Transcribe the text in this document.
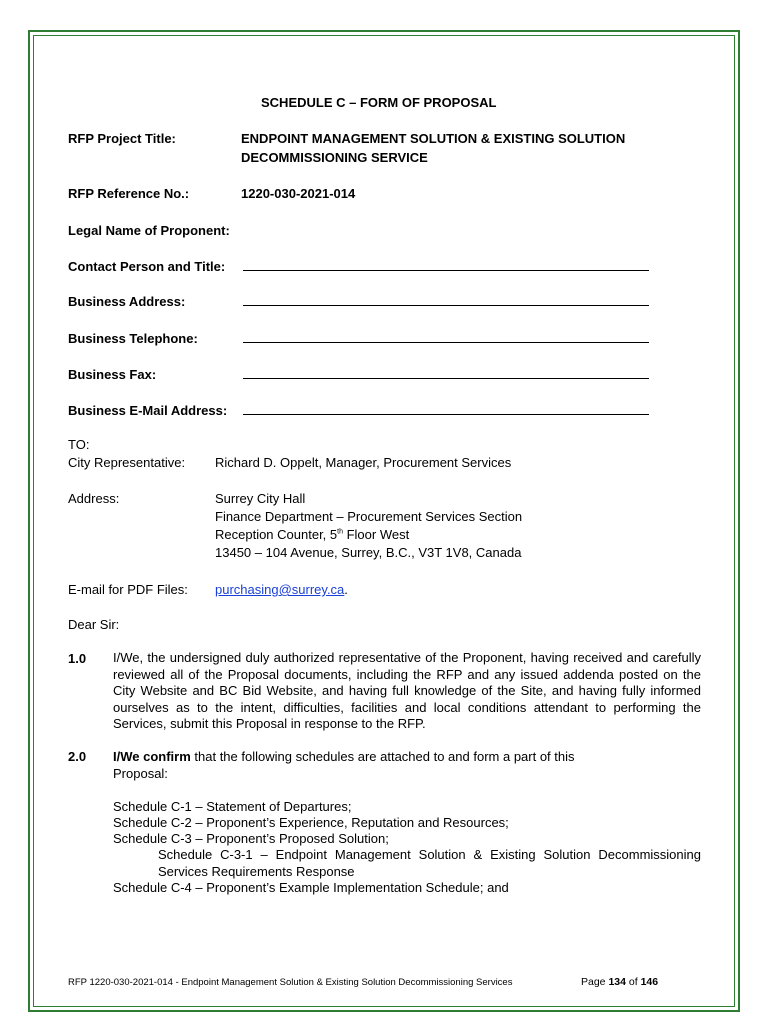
SCHEDULE C – FORM OF PROPOSAL
RFP Project Title:	ENDPOINT MANAGEMENT SOLUTION & EXISTING SOLUTION
DECOMMISSIONING SERVICE
RFP Reference No.:	1220-030-2021-014
Legal Name of Proponent:
Contact Person and Title:
Business Address:
Business Telephone:
Business Fax:
Business E-Mail Address:
TO:
City Representative: Richard D. Oppelt, Manager, Procurement Services
Address:	Surrey City Hall
Finance Department – Procurement Services Section
Reception Counter, 5th Floor West
13450 – 104 Avenue, Surrey, B.C., V3T 1V8, Canada
E-mail for PDF Files: purchasing@surrey.ca.
Dear Sir:
1.0 I/We, the undersigned duly authorized representative of the Proponent, having received and carefully reviewed all of the Proposal documents, including the RFP and any issued addenda posted on the City Website and BC Bid Website, and having full knowledge of the Site, and having fully informed ourselves as to the intent, difficulties, facilities and local conditions attendant to performing the Services, submit this Proposal in response to the RFP.
2.0 I/We confirm that the following schedules are attached to and form a part of this
Proposal:
Schedule C-1 – Statement of Departures;
Schedule C-2 – Proponent’s Experience, Reputation and Resources;
Schedule C-3 – Proponent’s Proposed Solution;
Schedule C-3-1 – Endpoint Management Solution & Existing Solution Decommissioning Services Requirements Response
Schedule C-4 – Proponent’s Example Implementation Schedule; and
RFP 1220-030-2021-014 - Endpoint Management Solution & Existing Solution Decommissioning Services	Page 134 of 146
